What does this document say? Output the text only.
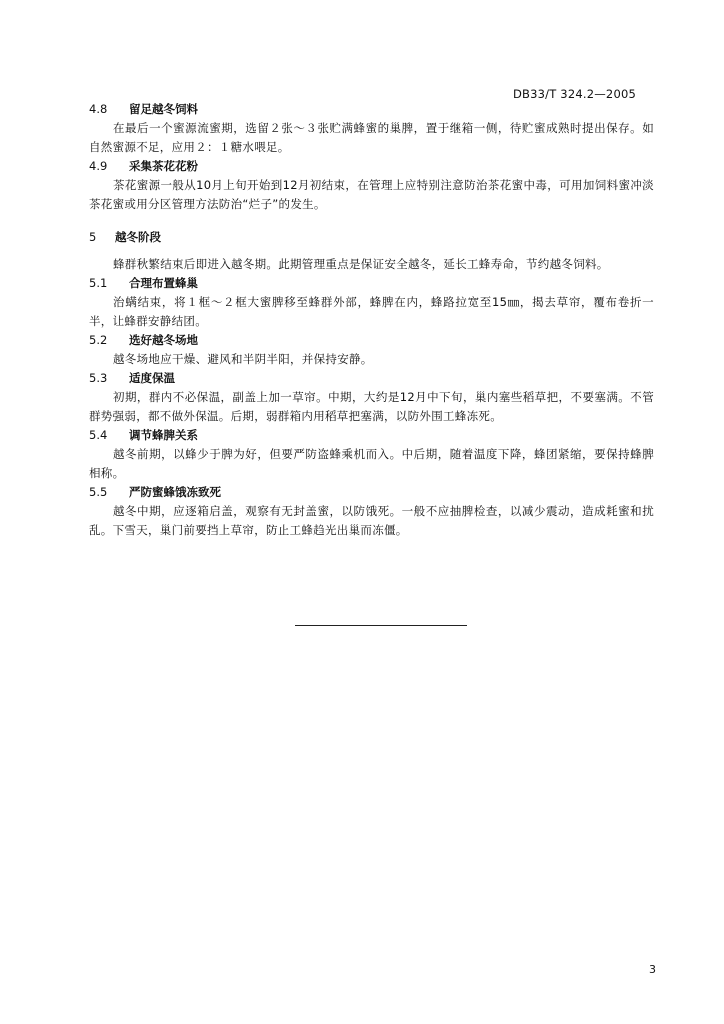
DB33/T 324.2—2005
4.8	留足越冬饲料

在最后一个蜜源流蜜期，选留２张～３张贮满蜂蜜的巢脾，置于继箱一侧，待贮蜜成熟时提出保存。如自然蜜源不足，应用２：１糖水喂足。

4.9	采集茶花花粉

茶花蜜源一般从10月上旬开始到12月初结束，在管理上应特别注意防治茶花蜜中毒，可用加饲料蜜冲淡茶花蜜或用分区管理方法防治“烂子”的发生。

5	越冬阶段

蜂群秋繁结束后即进入越冬期。此期管理重点是保证安全越冬，延长工蜂寿命，节约越冬饲料。

5.1	合理布置蜂巢

治螨结束，将１框～２框大蜜脾移至蜂群外部，蜂脾在内，蜂路拉宽至15㎜，揭去草帘，覆布卷折一半，让蜂群安静结团。

5.2	选好越冬场地

越冬场地应干燥、避风和半阴半阳，并保持安静。

5.3	适度保温

初期，群内不必保温，副盖上加一草帘。中期，大约是12月中下旬，巢内塞些稻草把，不要塞满。不管群势强弱，都不做外保温。后期，弱群箱内用稻草把塞满，以防外围工蜂冻死。

5.4	调节蜂脾关系

越冬前期，以蜂少于脾为好，但要严防盗蜂乘机而入。中后期，随着温度下降，蜂团紧缩，要保持蜂脾相称。

5.5	严防蜜蜂饿冻致死

越冬中期，应逐箱启盖，观察有无封盖蜜，以防饿死。一般不应抽脾检查，以减少震动，造成耗蜜和扰乱。下雪天，巢门前要挡上草帘，防止工蜂趋光出巢而冻僵。

3
